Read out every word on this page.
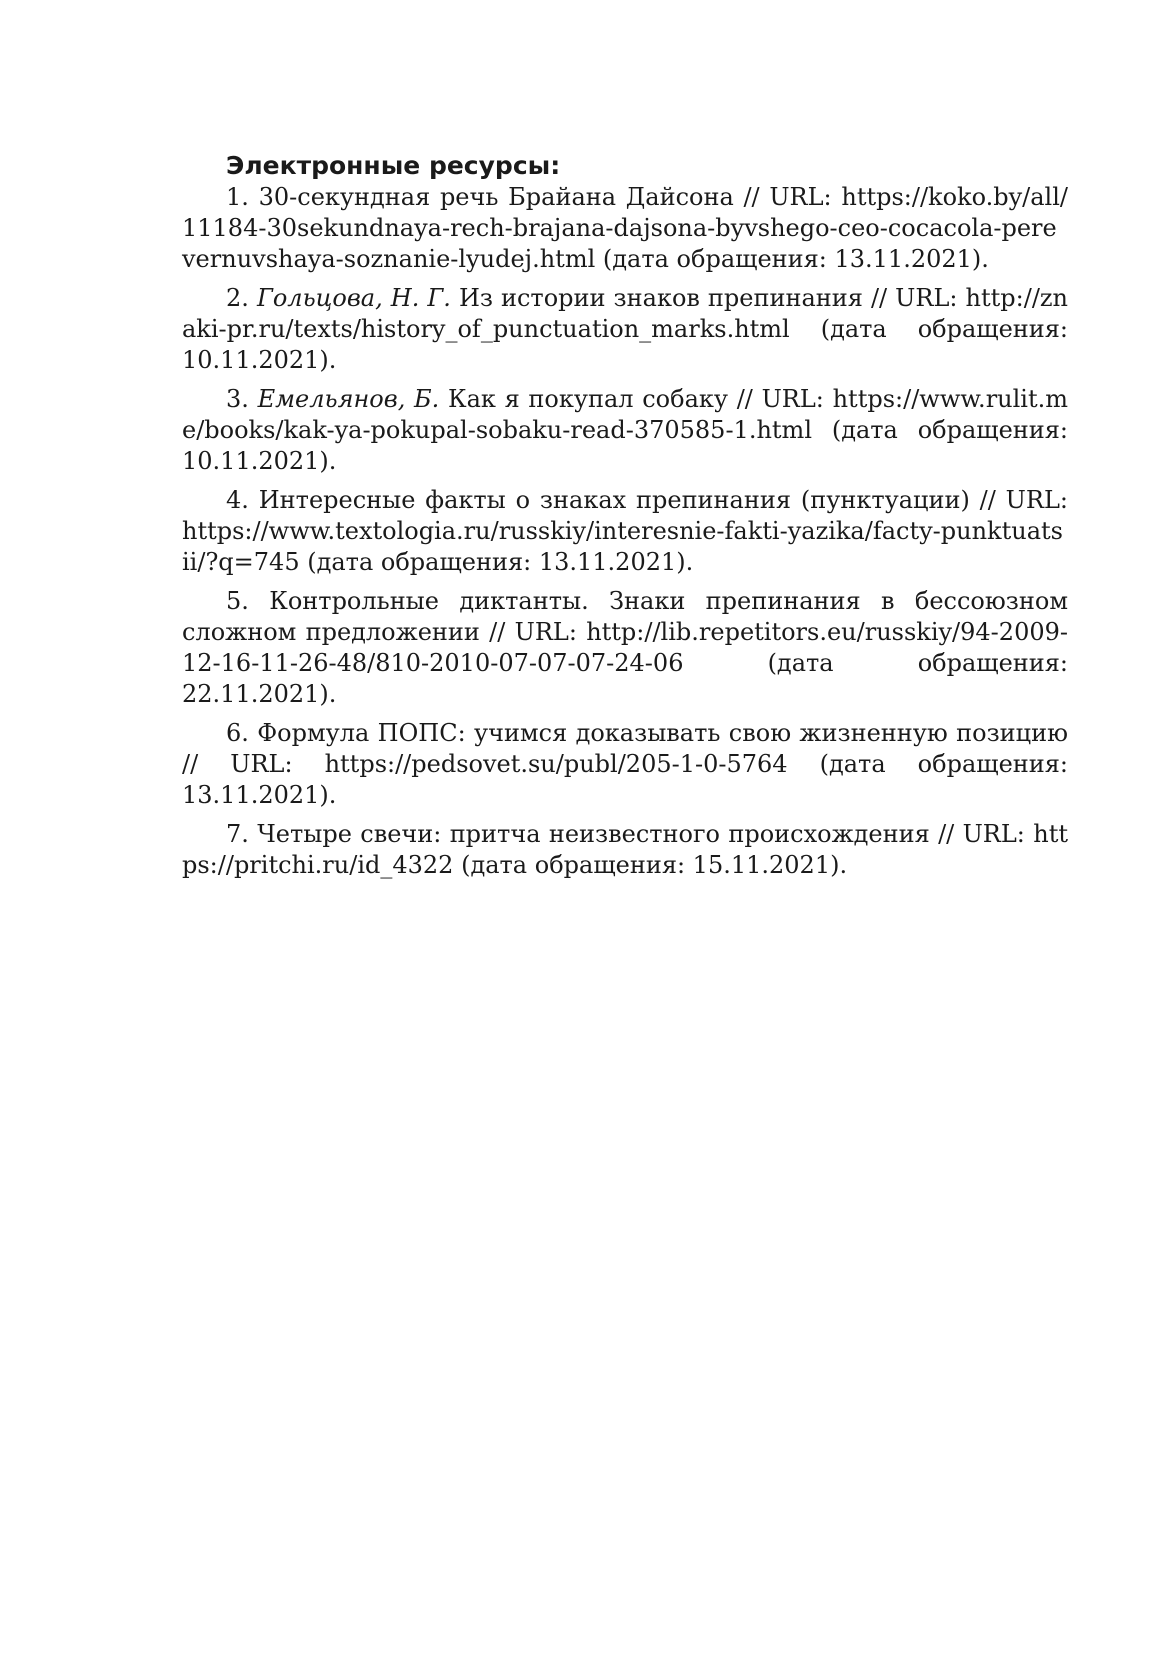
Электронные ресурсы:

1. 30-секундная речь Брайана Дайсона // URL: https://koko.by/all/11184-30sekundnaya-rech-brajana-dajsona-byvshego-ceo-cocacola-perevernuvshaya-soznanie-lyudej.html (дата обращения: 13.11.2021).
2. Гольцова, Н. Г. Из истории знаков препинания // URL: http://znaki-pr.ru/texts/history_of_punctuation_marks.html (дата обращения: 10.11.2021).
3. Емельянов, Б. Как я покупал собаку // URL: https://www.rulit.me/books/kak-ya-pokupal-sobaku-read-370585-1.html (дата обращения: 10.11.2021).
4. Интересные факты о знаках препинания (пунктуации) // URL: https://www.textologia.ru/russkiy/interesnie-fakti-yazika/facty-punktuatsii/?q=745 (дата обращения: 13.11.2021).
5. Контрольные диктанты. Знаки препинания в бессоюзном сложном предложении // URL: http://lib.repetitors.eu/russkiy/94-2009-12-16-11-26-48/810-2010-07-07-07-24-06	(дата обращения: 22.11.2021).
6. Формула ПОПС: учимся доказывать свою жизненную позицию // URL: https://pedsovet.su/publ/205-1-0-5764 (дата обращения: 13.11.2021).
7. Четыре свечи: притча неизвестного происхождения // URL: https://pritchi.ru/id_4322 (дата обращения: 15.11.2021).
